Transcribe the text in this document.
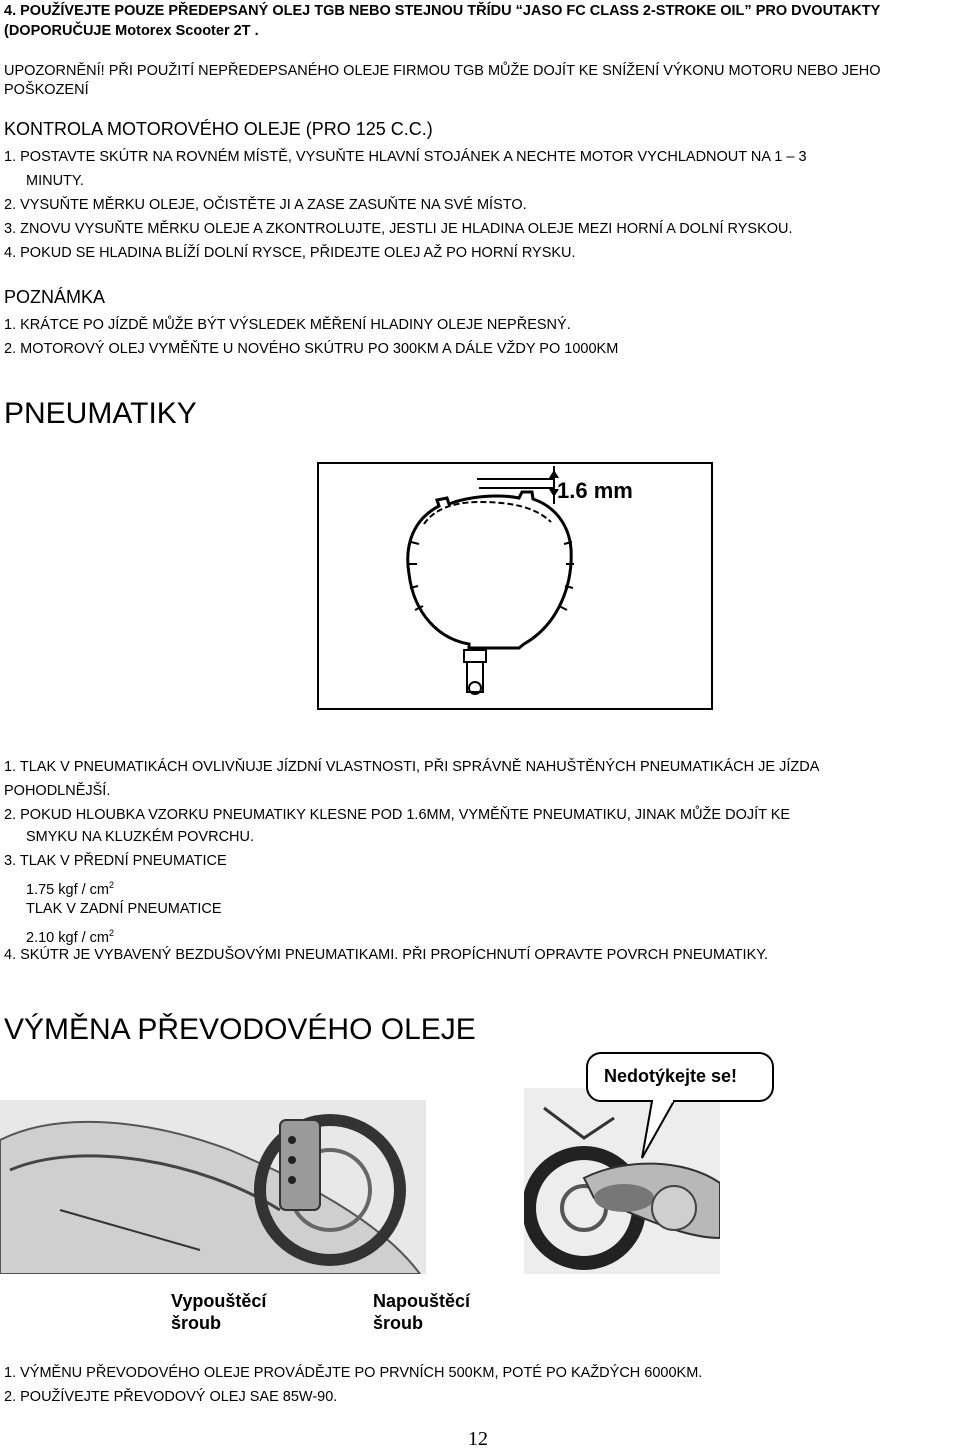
4. POUŽÍVEJTE POUZE PŘEDEPSANÝ OLEJ TGB NEBO STEJNOU TŘÍDU “JASO FC CLASS 2-STROKE OIL” PRO DVOUTAKTY
(DOPORUČUJE Motorex Scooter 2T .
UPOZORNĚNÍ! PŘI POUŽITÍ NEPŘEDEPSANÉHO OLEJE FIRMOU TGB MŮŽE DOJÍT KE SNÍŽENÍ VÝKONU MOTORU NEBO JEHO
POŠKOZENÍ
KONTROLA MOTOROVÉHO OLEJE (PRO 125 C.C.)
1. POSTAVTE SKÚTR NA ROVNÉM MÍSTĚ, VYSUŇTE HLAVNÍ STOJÁNEK A NECHTE MOTOR VYCHLADNOUT NA 1 – 3
MINUTY.
2. VYSUŇTE MĚRKU OLEJE, OČISTĚTE JI A ZASE ZASUŇTE NA SVÉ MÍSTO.
3. ZNOVU VYSUŇTE MĚRKU OLEJE A ZKONTROLUJTE, JESTLI JE HLADINA OLEJE MEZI HORNÍ A DOLNÍ RYSKOU.
4. POKUD SE HLADINA BLÍŽÍ DOLNÍ RYSCE, PŘIDEJTE OLEJ AŽ PO HORNÍ RYSKU.
POZNÁMKA
1. KRÁTCE PO JÍZDĚ MŮŽE BÝT VÝSLEDEK MĚŘENÍ HLADINY OLEJE NEPŘESNÝ.
2. MOTOROVÝ OLEJ VYMĚŇTE U NOVÉHO SKÚTRU PO 300KM A DÁLE VŽDY PO 1000KM
PNEUMATIKY
1.6 mm
1. TLAK V PNEUMATIKÁCH OVLIVŇUJE JÍZDNÍ VLASTNOSTI, PŘI SPRÁVNĚ NAHUŠTĚNÝCH PNEUMATIKÁCH JE JÍZDA
POHODLNĚJŠÍ.
2. POKUD HLOUBKA VZORKU PNEUMATIKY KLESNE POD 1.6MM, VYMĚŇTE PNEUMATIKU, JINAK MŮŽE DOJÍT KE
SMYKU NA KLUZKÉM POVRCHU.
3. TLAK V PŘEDNÍ PNEUMATICE
1.75 kgf / $cm^2$
TLAK V ZADNÍ PNEUMATICE
2.10 kgf / $cm^2$
4. SKÚTR JE VYBAVENÝ BEZDUŠOVÝMI PNEUMATIKAMI. PŘI PROPÍCHNUTÍ OPRAVTE POVRCH PNEUMATIKY.
VÝMĚNA PŘEVODOVÉHO OLEJE
Nedotýkejte se!
Vypouštěcí šroub
Napouštěcí šroub
1. VÝMĚNU PŘEVODOVÉHO OLEJE PROVÁDĚJTE PO PRVNÍCH 500KM, POTÉ PO KAŽDÝCH 6000KM.
2. POUŽÍVEJTE PŘEVODOVÝ OLEJ SAE 85W-90.
12
